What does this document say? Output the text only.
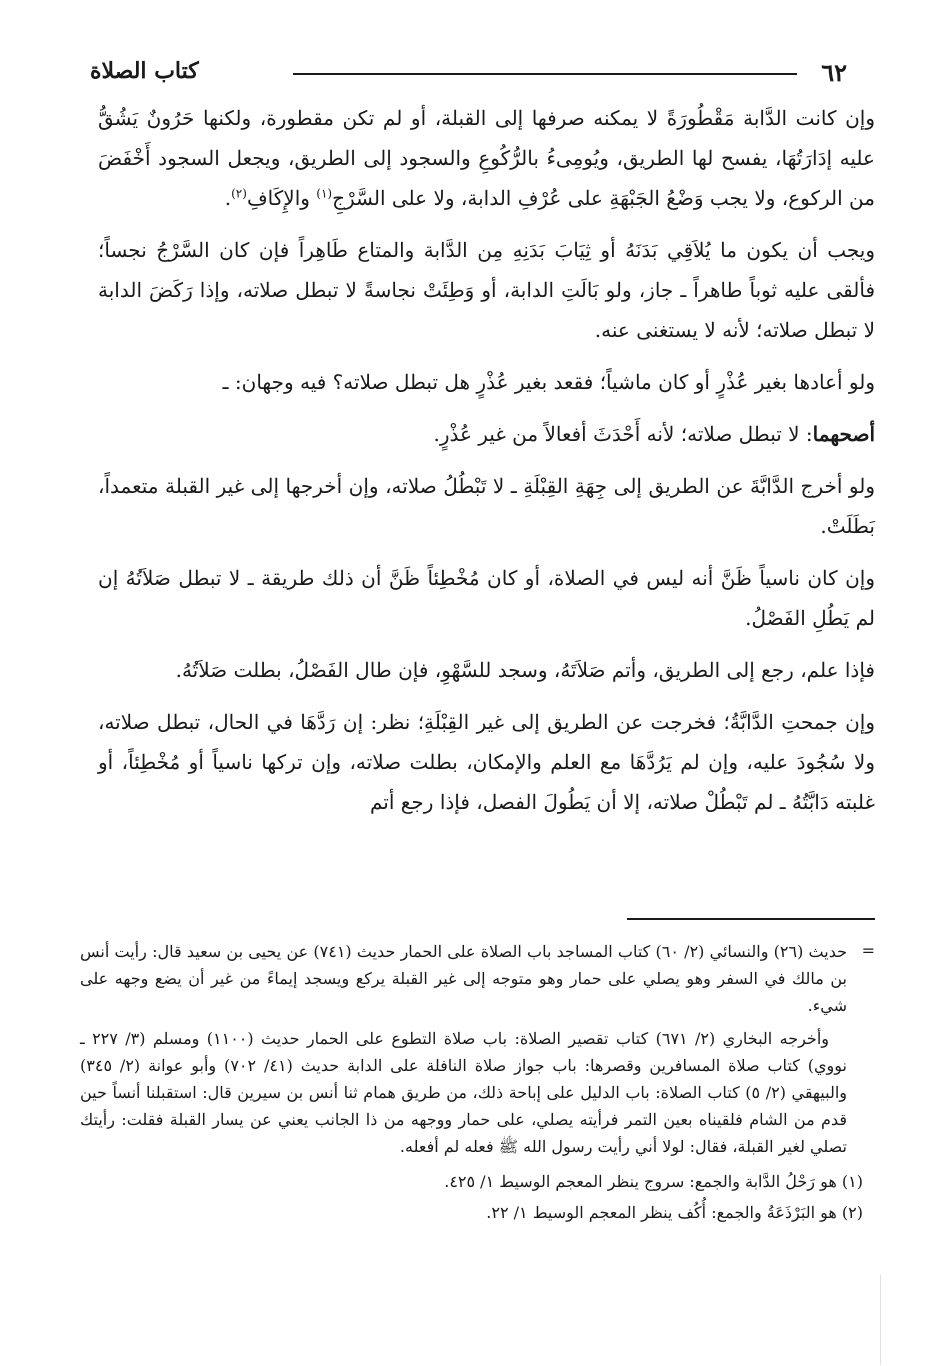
٦٢
كتاب الصلاة

وإن كانت الدَّابة مَقْطُورَةً لا يمكنه صرفها إلى القبلة، أو لم تكن مقطورة، ولكنها حَرُونٌ يَشُقُّ عليه إدَارَتُهَا، يفسح لها الطريق، ويُومِىءُ بالرُّكُوعِ والسجود إلى الطريق، ويجعل السجود أَخْفَضَ من الركوع، ولا يجب وَضْعُ الجَبْهَةِ على عُرْفِ الدابة، ولا على السَّرْجِ$^{(١)}$ والإِكَافِ$^{(٢)}$.

ويجب أن يكون ما يُلاَقِي بَدَنَهُ أو ثِيَابَ بَدَنِهِ مِن الدَّابة والمتاع طَاهِراً فإن كان السَّرْجُ نجساً؛ فألقى عليه ثوباً طاهراً ـ جاز، ولو بَالَتِ الدابة، أو وَطِئَتْ نجاسةً لا تبطل صلاته، وإذا رَكَضَ الدابة لا تبطل صلاته؛ لأنه لا يستغنى عنه.

ولو أعادها بغير عُذْرٍ أو كان ماشياً؛ فقعد بغير عُذْرٍ هل تبطل صلاته؟ فيه وجهان: ـ

أصحهما: لا تبطل صلاته؛ لأنه أَحْدَثَ أفعالاً من غير عُذْرٍ.

ولو أخرج الدَّابَّةَ عن الطريق إلى جِهَةِ القِبْلَةِ ـ لا تَبْطُلُ صلاته، وإن أخرجها إلى غير القبلة متعمداً، بَطَلَتْ.

وإن كان ناسياً ظَنَّ أنه ليس في الصلاة، أو كان مُخْطِئاً ظَنَّ أن ذلك طريقة ـ لا تبطل صَلاَتُهُ إن لم يَطُلِ الفَصْلُ.

فإذا علم، رجع إلى الطريق، وأتم صَلاَتَهُ، وسجد للسَّهْوِ، فإن طال الفَصْلُ، بطلت صَلاَتُهُ.

وإن جمحتِ الدَّابَّةُ؛ فخرجت عن الطريق إلى غير القِبْلَةِ؛ نظر: إن رَدَّهَا في الحال، تبطل صلاته، ولا سُجُودَ عليه، وإن لم يَرُدَّهَا مع العلم والإمكان، بطلت صلاته، وإن تركها ناسياً أو مُخْطِئاً، أو غلبته دَابَّتُهُ ـ لم تَبْطُلْ صلاته، إلا أن يَطُولَ الفصل، فإذا رجع أتم

=

حديث (٢٦) والنسائي (٢/ ٦٠) كتاب المساجد باب الصلاة على الحمار حديث (٧٤١) عن يحيى بن سعيد قال: رأيت أنس بن مالك في السفر وهو يصلي على حمار وهو متوجه إلى غير القبلة يركع ويسجد إيماءً من غير أن يضع وجهه على شيء.

وأخرجه البخاري (٢/ ٦٧١) كتاب تقصير الصلاة: باب صلاة التطوع على الحمار حديث (١١٠٠) ومسلم (٣/ ٢٢٧ ـ نووي) كتاب صلاة المسافرين وقصرها: باب جواز صلاة النافلة على الدابة حديث (٤١/ ٧٠٢) وأبو عوانة (٢/ ٣٤٥) والبيهقي (٢/ ٥) كتاب الصلاة: باب الدليل على إباحة ذلك، من طريق همام ثنا أنس بن سيرين قال: استقبلنا أنساً حين قدم من الشام فلقيناه بعين التمر فرأيته يصلي، على حمار ووجهه من ذا الجانب يعني عن يسار القبلة فقلت: رأيتك تصلي لغير القبلة، فقال: لولا أني رأيت رسول الله ﷺ فعله لم أفعله.

(١) هو رَحْلُ الدَّابة والجمع: سروج ينظر المعجم الوسيط ١/ ٤٢٥.

(٢) هو البَرْذَعَةُ والجمع: أُكُف ينظر المعجم الوسيط ١/ ٢٢.
